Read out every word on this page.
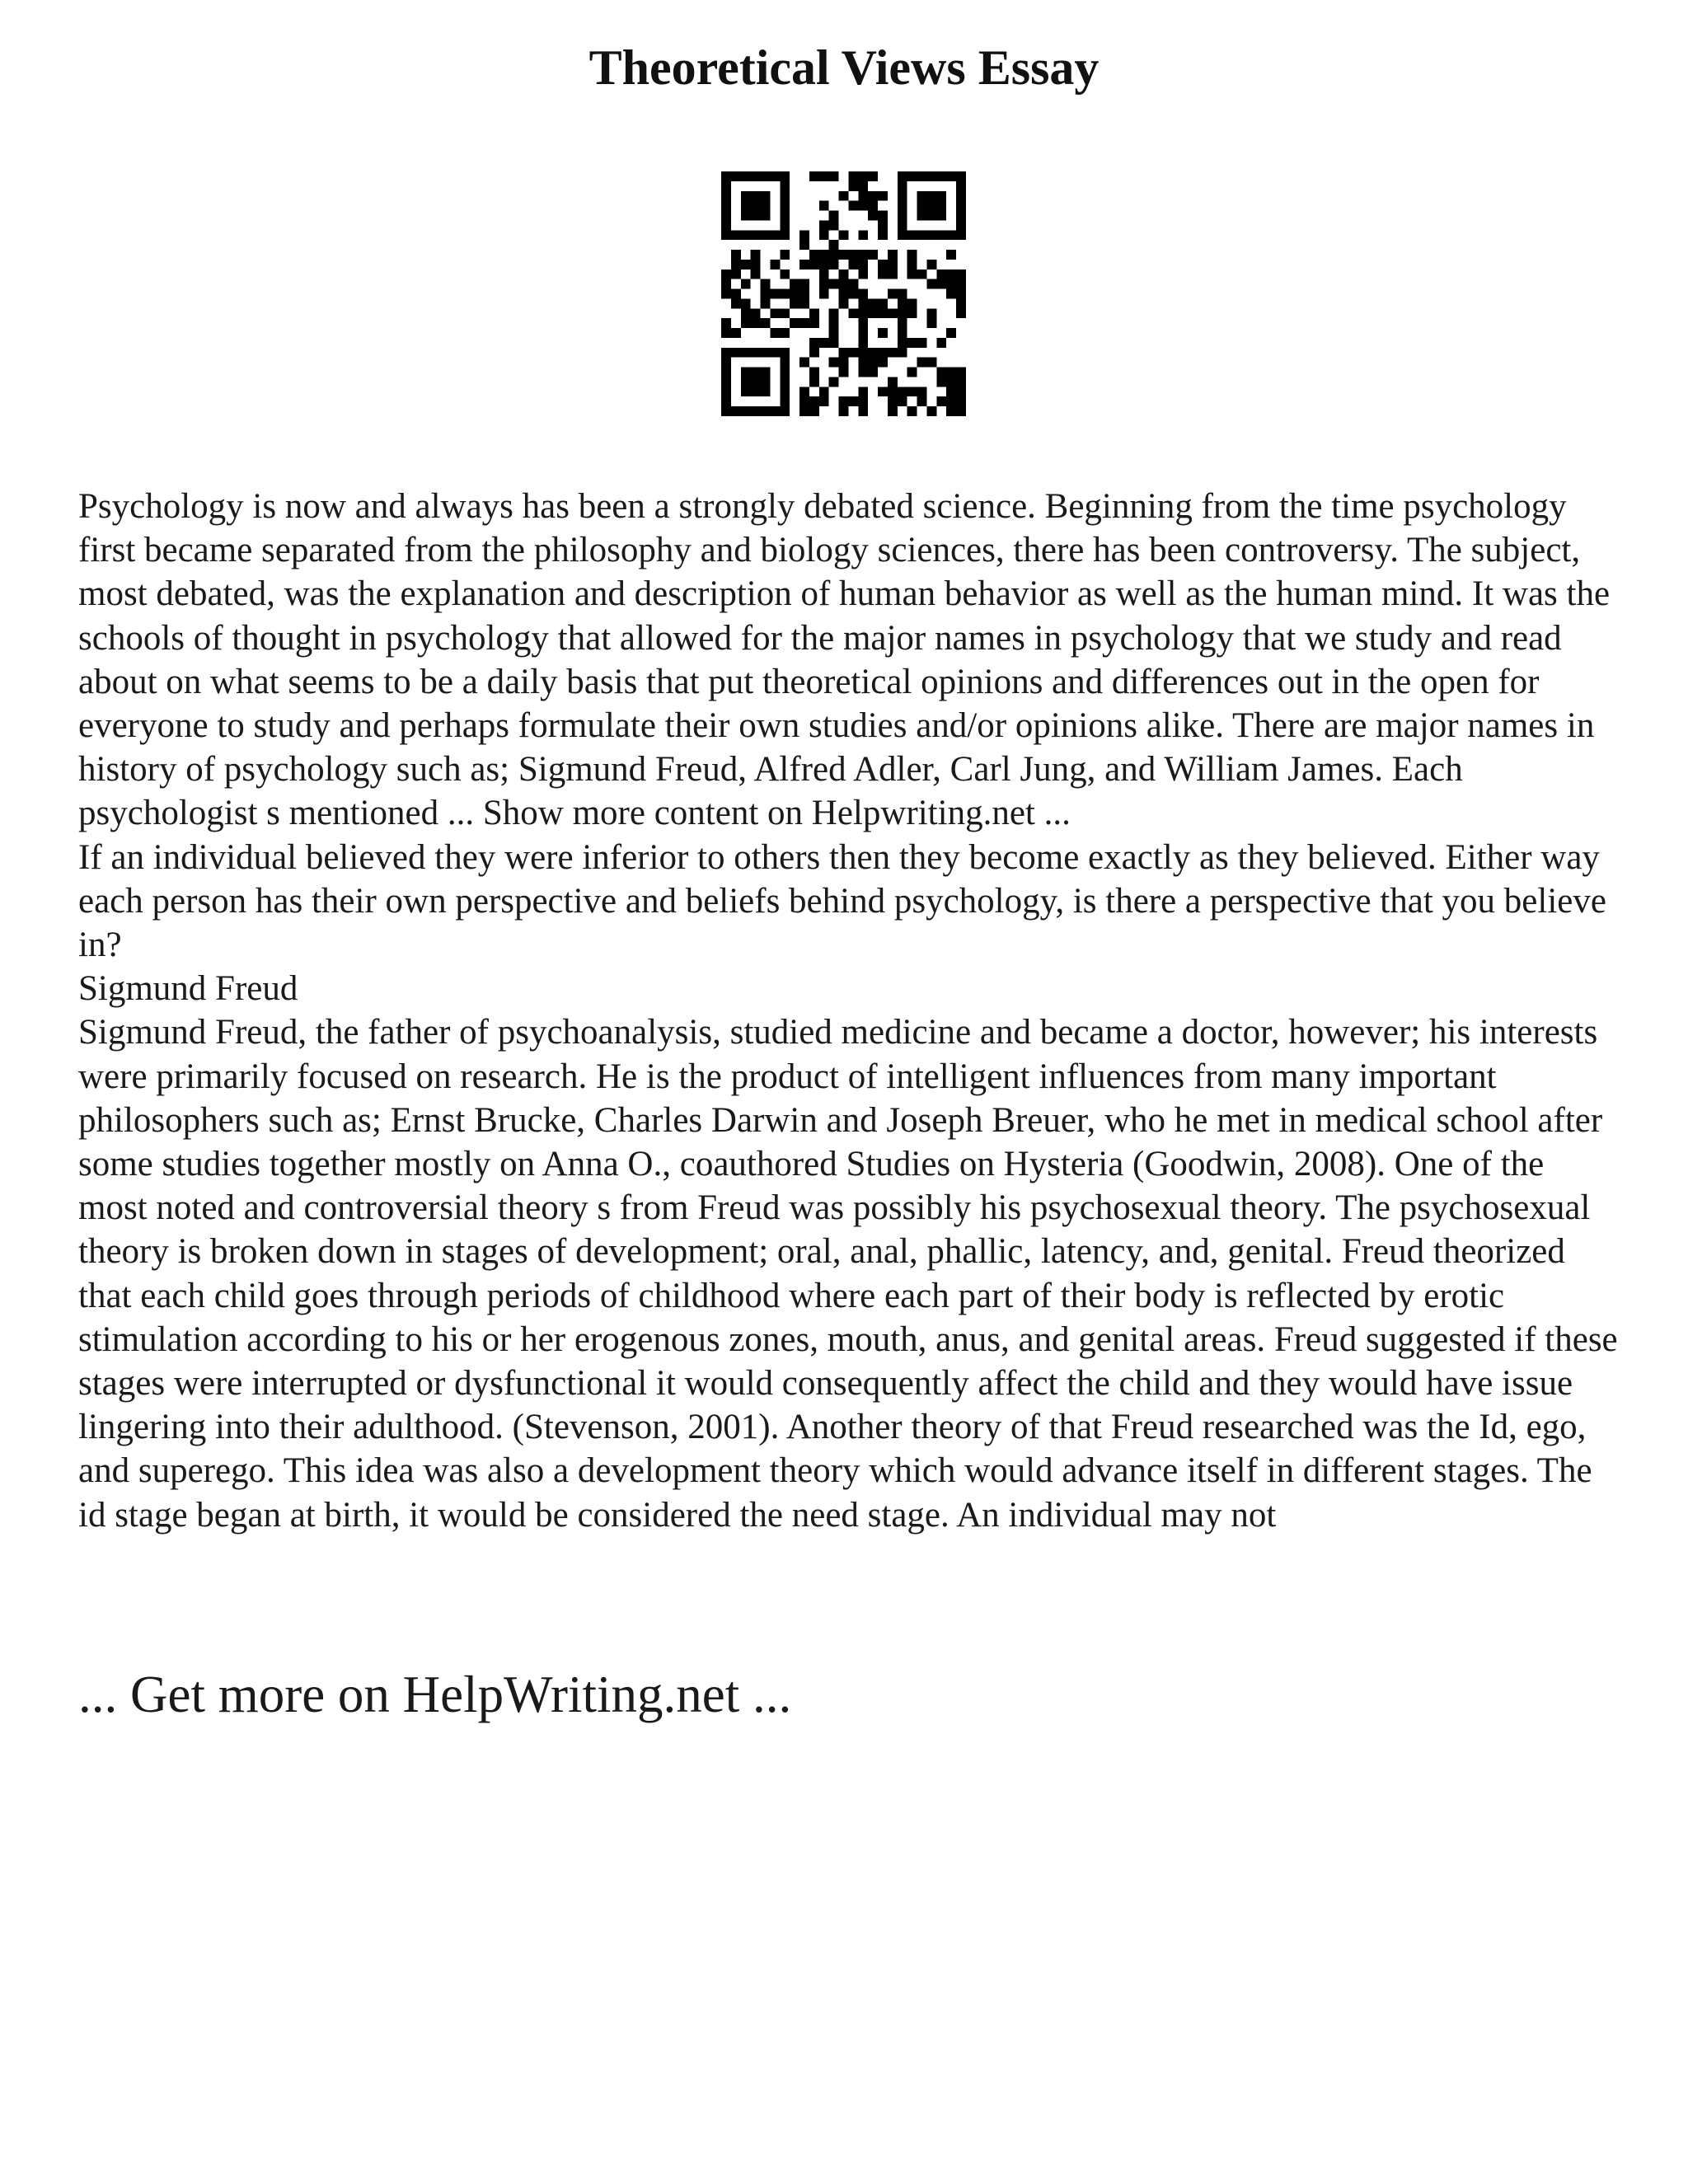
Theoretical Views Essay

Psychology is now and always has been a strongly debated science. Beginning from the time psychology first became separated from the philosophy and biology sciences, there has been controversy. The subject, most debated, was the explanation and description of human behavior as well as the human mind. It was the schools of thought in psychology that allowed for the major names in psychology that we study and read about on what seems to be a daily basis that put theoretical opinions and differences out in the open for everyone to study and perhaps formulate their own studies and/or opinions alike. There are major names in history of psychology such as; Sigmund Freud, Alfred Adler, Carl Jung, and William James. Each psychologist s mentioned ... Show more content on Helpwriting.net ...

If an individual believed they were inferior to others then they become exactly as they believed. Either way each person has their own perspective and beliefs behind psychology, is there a perspective that you believe in?

Sigmund Freud

Sigmund Freud, the father of psychoanalysis, studied medicine and became a doctor, however; his interests were primarily focused on research. He is the product of intelligent influences from many important philosophers such as; Ernst Brucke, Charles Darwin and Joseph Breuer, who he met in medical school after some studies together mostly on Anna O., coauthored Studies on Hysteria (Goodwin, 2008). One of the most noted and controversial theory s from Freud was possibly his psychosexual theory. The psychosexual theory is broken down in stages of development; oral, anal, phallic, latency, and, genital. Freud theorized that each child goes through periods of childhood where each part of their body is reflected by erotic stimulation according to his or her erogenous zones, mouth, anus, and genital areas. Freud suggested if these stages were interrupted or dysfunctional it would consequently affect the child and they would have issue lingering into their adulthood. (Stevenson, 2001). Another theory of that Freud researched was the Id, ego, and superego. This idea was also a development theory which would advance itself in different stages. The id stage began at birth, it would be considered the need stage. An individual may not

... Get more on HelpWriting.net ...
